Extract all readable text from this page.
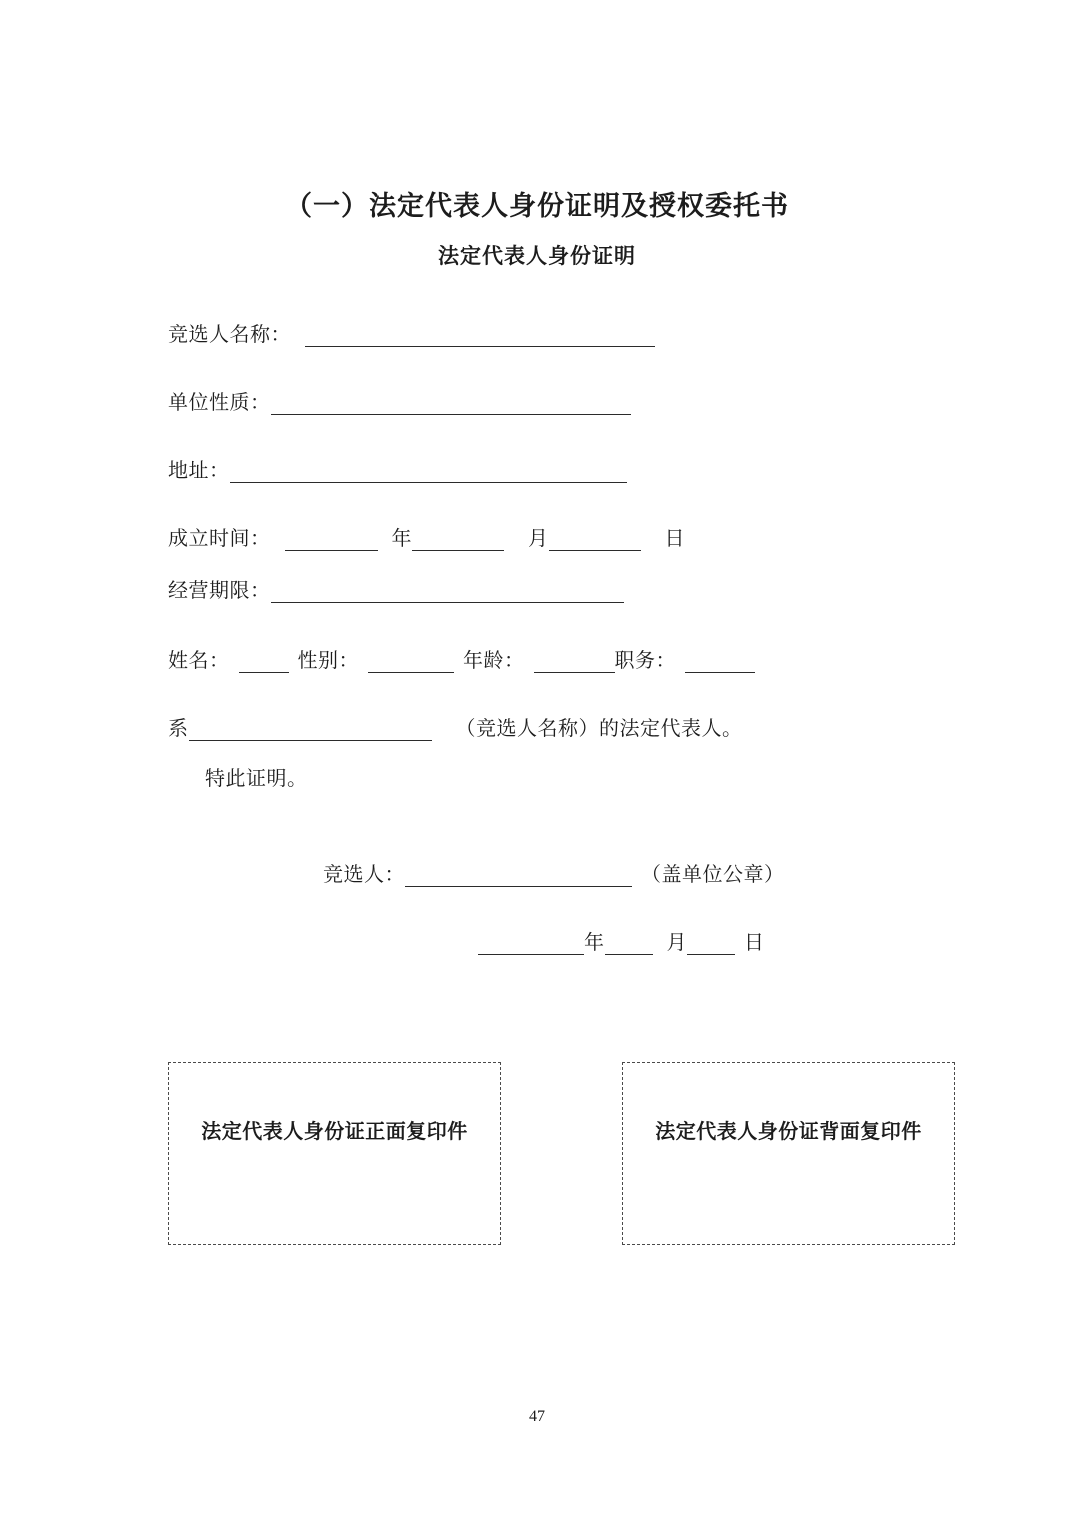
（一）法定代表人身份证明及授权委托书
法定代表人身份证明
竞选人名称：
单位性质：
地址：
成立时间：	年	月	日
经营期限：
姓名：	性别：	年龄：	职务：
系	（竞选人名称）的法定代表人。
特此证明。
竞选人：	（盖单位公章）
年	月	日
法定代表人身份证正面复印件	法定代表人身份证背面复印件
47
